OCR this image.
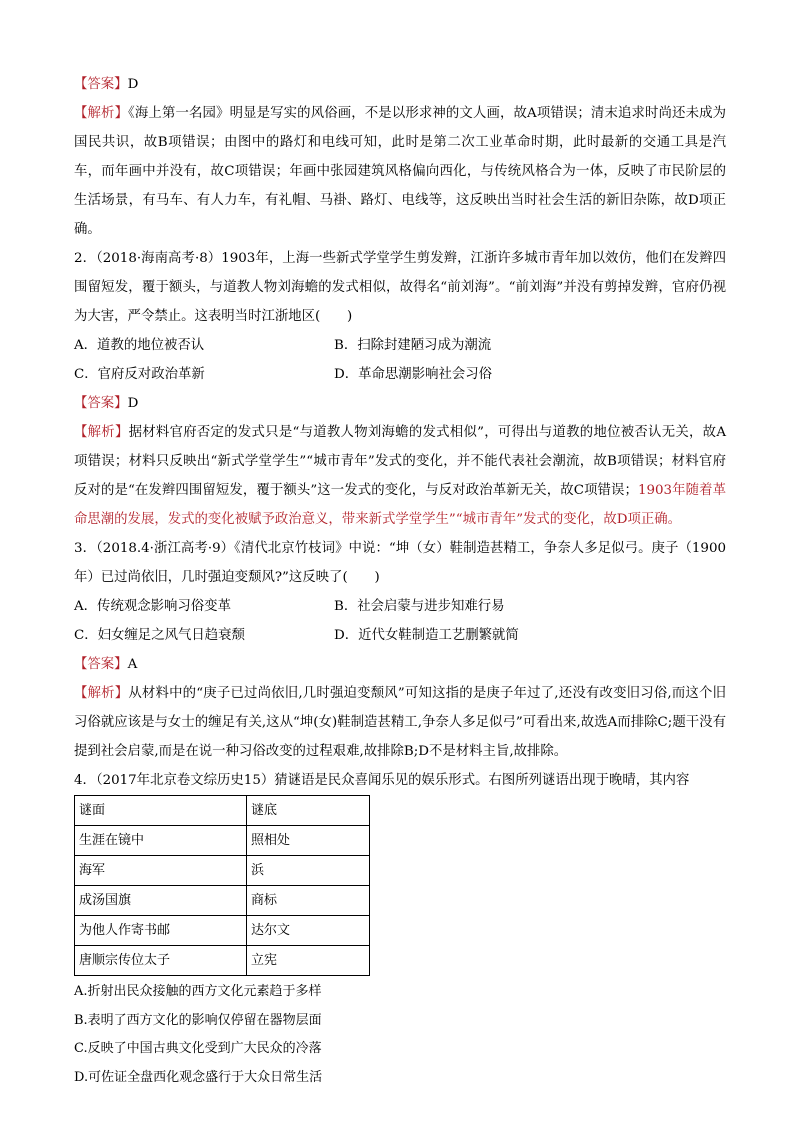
【答案】D

【解析】《海上第一名园》明显是写实的风俗画，不是以形求神的文人画，故A项错误；清末追求时尚还未成为国民共识，故B项错误；由图中的路灯和电线可知，此时是第二次工业革命时期，此时最新的交通工具是汽车，而年画中并没有，故C项错误；年画中张园建筑风格偏向西化，与传统风格合为一体，反映了市民阶层的生活场景，有马车、有人力车，有礼帽、马褂、路灯、电线等，这反映出当时社会生活的新旧杂陈，故D项正确。

2．（2018·海南高考·8）1903年，上海一些新式学堂学生剪发辫，江浙许多城市青年加以效仿，他们在发辫四围留短发，覆于额头，与道教人物刘海蟾的发式相似，故得名“前刘海”。“前刘海”并没有剪掉发辫，官府仍视为大害，严令禁止。这表明当时江浙地区(　　)

A．道教的地位被否认	B．扫除封建陋习成为潮流
C．官府反对政治革新	D．革命思潮影响社会习俗

【答案】D

【解析】据材料官府否定的发式只是“与道教人物刘海蟾的发式相似”，可得出与道教的地位被否认无关，故A项错误；材料只反映出“新式学堂学生”“城市青年”发式的变化，并不能代表社会潮流，故B项错误；材料官府反对的是“在发辫四围留短发，覆于额头”这一发式的变化，与反对政治革新无关，故C项错误；1903年随着革命思潮的发展，发式的变化被赋予政治意义，带来新式学堂学生”“城市青年”发式的变化，故D项正确。

3．（2018.4·浙江高考·9）《清代北京竹枝词》中说：“坤（女）鞋制造甚精工，争奈人多足似弓。庚子（1900年）已过尚依旧，几时强迫变颓风?”这反映了(　　)

A．传统观念影响习俗变革	B．社会启蒙与进步知难行易
C．妇女缠足之风气日趋衰颓	D．近代女鞋制造工艺删繁就简

【答案】A

【解析】从材料中的“庚子已过尚依旧,几时强迫变颓风”可知这指的是庚子年过了,还没有改变旧习俗,而这个旧习俗就应该是与女士的缠足有关,这从“坤(女)鞋制造甚精工,争奈人多足似弓”可看出来,故选A而排除C;题干没有提到社会启蒙,而是在说一种习俗改变的过程艰难,故排除B;D不是材料主旨,故排除。

4．（2017年北京卷文综历史15）猜谜语是民众喜闻乐见的娱乐形式。右图所列谜语出现于晚晴，其内容

谜面	谜底
生涯在镜中	照相处
海军	浜
成汤国旗	商标
为他人作寄书邮	达尔文
唐顺宗传位太子	立宪

A.折射出民众接触的西方文化元素趋于多样

B.表明了西方文化的影响仅停留在器物层面

C.反映了中国古典文化受到广大民众的冷落

D.可佐证全盘西化观念盛行于大众日常生活
